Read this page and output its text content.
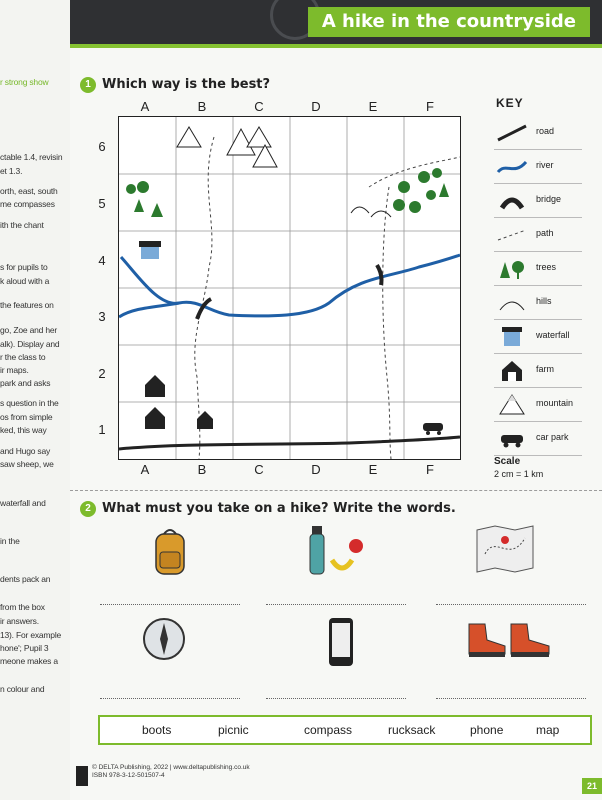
r strong show
ctable 1.4, revisin
et 1.3.
orth, east, south
me compasses
ith the chant
s for pupils to
k aloud with a
the features on
go, Zoe and her
alk). Display and
r the class to
ir maps.
park and asks
s question in the
os from simple
ked, this way
and Hugo say
saw sheep, we
waterfall and
in the
dents pack an
from the box
ir answers.
13). For example
hone'; Pupil 3
meone makes a
n colour and
A hike in the countryside
1 Which way is the best?
A	B	C	D	E	F
A	B	C	D	E	F
6
5
4
3
2
1
KEY
road
river
bridge
path
trees
hills
waterfall
farm
mountain
car park
Scale
2 cm = 1 km
2 What must you take on a hike? Write the words.
boots	picnic	compass	rucksack	phone	map
© DELTA Publishing, 2022 | www.deltapublishing.co.uk
ISBN 978-3-12-501507-4
21
